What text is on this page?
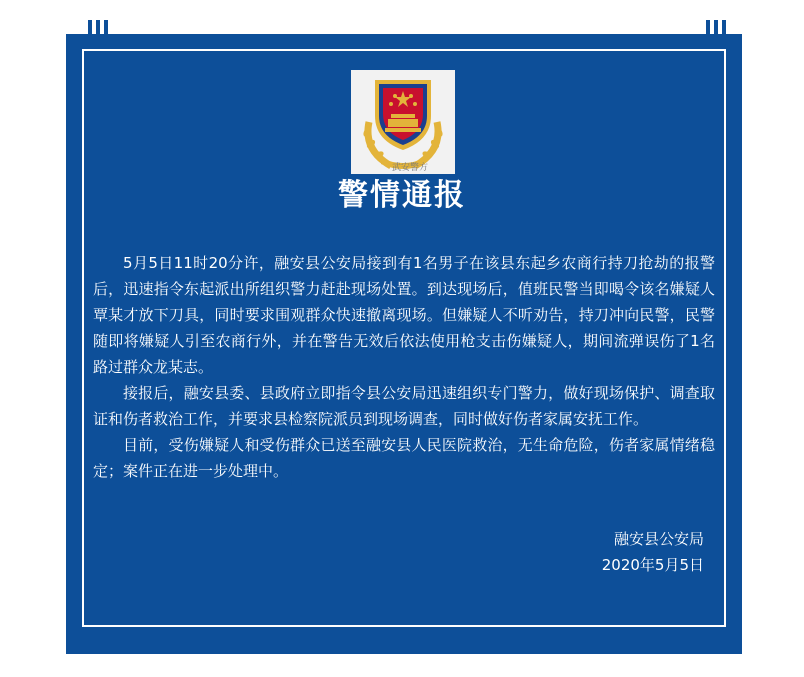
武安警方
警情通报

5月5日11时20分许，融安县公安局接到有1名男子在该县东起乡农商行持刀抢劫的报警后，迅速指令东起派出所组织警力赶赴现场处置。到达现场后，值班民警当即喝令该名嫌疑人覃某才放下刀具，同时要求围观群众快速撤离现场。但嫌疑人不听劝告，持刀冲向民警，民警随即将嫌疑人引至农商行外，并在警告无效后依法使用枪支击伤嫌疑人，期间流弹误伤了1名路过群众龙某志。

接报后，融安县委、县政府立即指令县公安局迅速组织专门警力，做好现场保护、调查取证和伤者救治工作，并要求县检察院派员到现场调查，同时做好伤者家属安抚工作。

目前，受伤嫌疑人和受伤群众已送至融安县人民医院救治，无生命危险，伤者家属情绪稳定；案件正在进一步处理中。

融安县公安局
2020年5月5日
